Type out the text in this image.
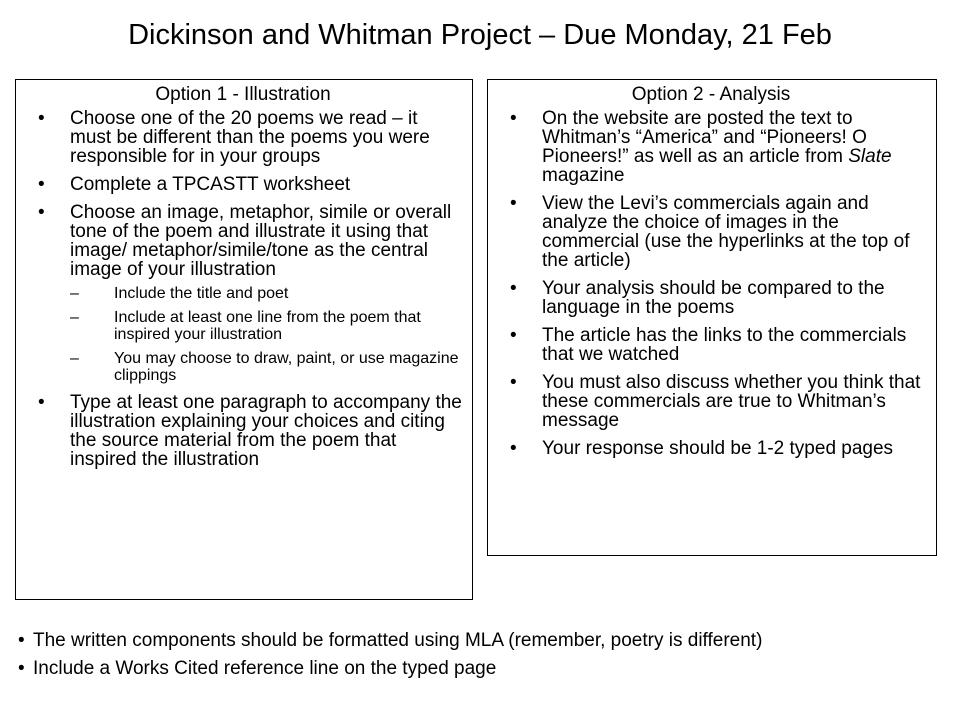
Dickinson and Whitman Project – Due Monday, 21 Feb
Option 1 - Illustration
• Choose one of the 20 poems we read – it must be different than the poems you were responsible for in your groups
• Complete a TPCASTT worksheet
• Choose an image, metaphor, simile or overall tone of the poem and illustrate it using that image/ metaphor/simile/tone as the central image of your illustration
– Include the title and poet
– Include at least one line from the poem that inspired your illustration
– You may choose to draw, paint, or use magazine clippings
• Type at least one paragraph to accompany the illustration explaining your choices and citing the source material from the poem that inspired the illustration
Option 2 - Analysis
• On the website are posted the text to Whitman’s “America” and “Pioneers! O Pioneers!” as well as an article from Slate magazine
• View the Levi’s commercials again and analyze the choice of images in the commercial (use the hyperlinks at the top of the article)
• Your analysis should be compared to the language in the poems
• The article has the links to the commercials that we watched
• You must also discuss whether you think that these commercials are true to Whitman’s message
• Your response should be 1-2 typed pages
• The written components should be formatted using MLA (remember, poetry is different)
• Include a Works Cited reference line on the typed page
